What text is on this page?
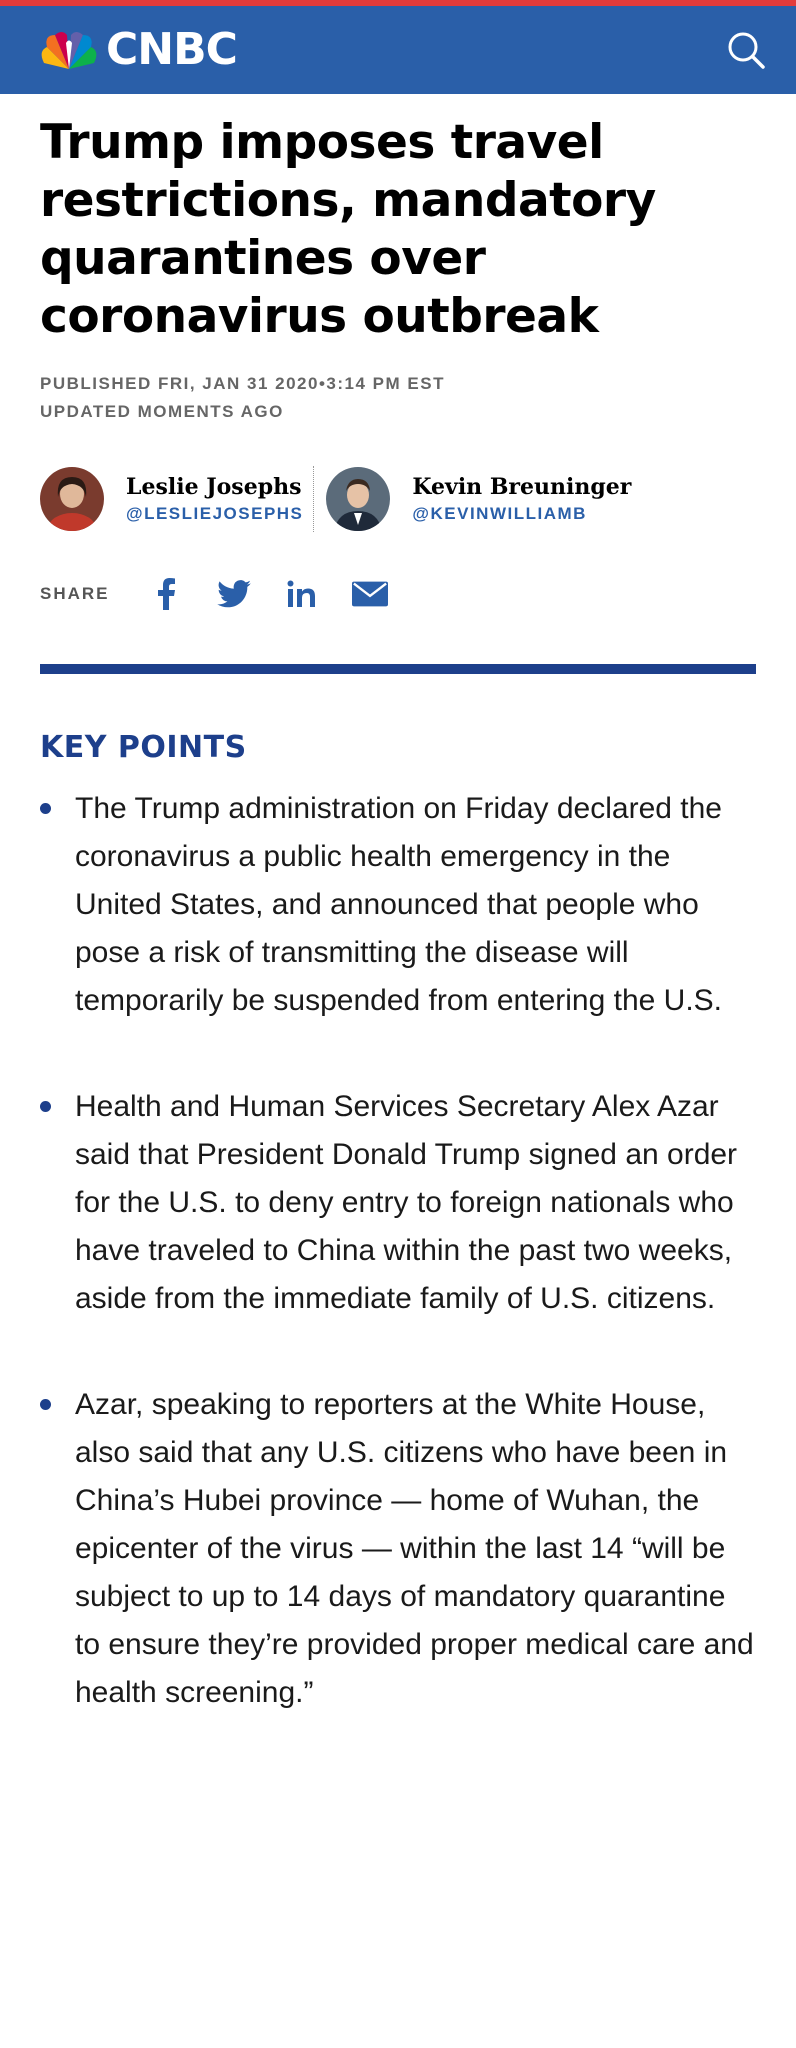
CNBC
Trump imposes travel restrictions, mandatory quarantines over coronavirus outbreak
PUBLISHED FRI, JAN 31 2020•3:14 PM EST
UPDATED MOMENTS AGO
Leslie Josephs
@LESLIEJOSEPHS
Kevin Breuninger
@KEVINWILLIAMB
SHARE
KEY POINTS
The Trump administration on Friday declared the coronavirus a public health emergency in the United States, and announced that people who pose a risk of transmitting the disease will temporarily be suspended from entering the U.S.
Health and Human Services Secretary Alex Azar said that President Donald Trump signed an order for the U.S. to deny entry to foreign nationals who have traveled to China within the past two weeks, aside from the immediate family of U.S. citizens.
Azar, speaking to reporters at the White House, also said that any U.S. citizens who have been in China’s Hubei province — home of Wuhan, the epicenter of the virus — within the last 14 “will be subject to up to 14 days of mandatory quarantine to ensure they’re provided proper medical care and health screening.”
